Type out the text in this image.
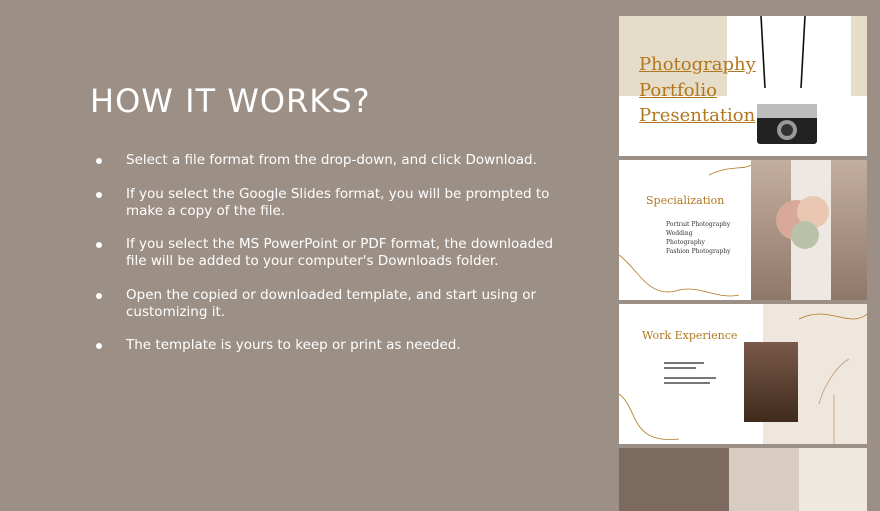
HOW IT WORKS?
Select a file format from the drop-down, and click Download.
If you select the Google Slides format, you will be prompted to make a copy of the file.
If you select the MS PowerPoint or PDF format, the downloaded file will be added to your computer's Downloads folder.
Open the copied or downloaded template, and start using or customizing it.
The template is yours to keep or print as needed.
Photography Portfolio Presentation
Specialization
Portrait Photography
Wedding
Photography
Fashion Photography
Work Experience
